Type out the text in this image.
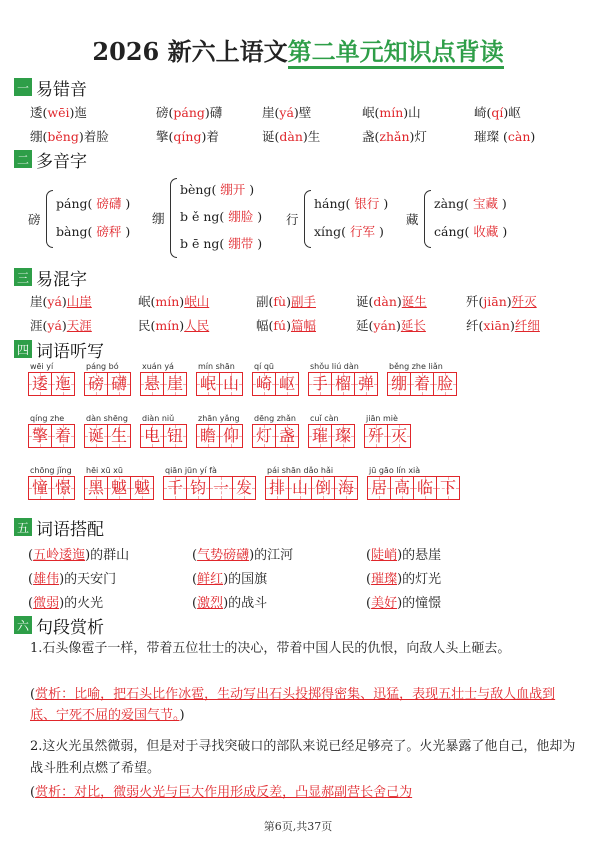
2026 新六上语文第二单元知识点背读
一 易错音
逶(wēi)迤	磅(páng)礴	崖(yá)壁	岷(mín)山	崎(qí)岖
绷(běng)着脸	擎(qíng)着	诞(dàn)生	盏(zhǎn)灯	璀璨 (càn)
二 多音字
磅
páng( 磅礴 )
bàng( 磅秤 )
绷
bèng( 绷开 )
b ě ng( 绷脸 )
b ē ng( 绷带 )
行
háng( 银行 )
xíng( 行军 )
藏
zàng( 宝藏 )
cáng( 收藏 )
三 易混字
崖(yá)山崖	岷(mín)岷山	副(fù)副手	诞(dàn)诞生	歼(jiān)歼灭
涯(yá)天涯	民(mín)人民	幅(fú)篇幅	延(yán)延长	纤(xiān)纤细
四 词语听写
wēi yí
逶 迤
páng bó
磅 礴
xuán yá
悬 崖
mín shān
岷 山
qí qū
崎 岖
shǒu liú dàn
手 榴 弹
běng zhe liǎn
绷 着 脸
qíng zhe
擎 着
dàn shēng
诞 生
diàn niǔ
电 钮
zhān yǎng
瞻 仰
dēng zhǎn
灯 盏
cuǐ càn
璀 璨
jiān miè
歼 灭
chōng jǐng
憧 憬
hēi xū xū
黑 魆 魆
qiān jūn yí fà
千 钧 一 发
pái shān dǎo hǎi
排 山 倒 海
jū gāo lín xià
居 高 临 下
五 词语搭配
(五岭逶迤)的群山	(气势磅礴)的江河	(陡峭)的悬崖
(雄伟)的天安门	(鲜红)的国旗	(璀璨)的灯光
(微弱)的火光	(激烈)的战斗	(美好)的憧憬
六 句段赏析
1.石头像雹子一样，带着五位壮士的决心，带着中国人民的仇恨，向敌人头上砸去。
(赏析：比喻，把石头比作冰雹，生动写出石头投掷得密集、迅猛，表现五壮士与敌人血战到底、宁死不屈的爱国气节。)
2.这火光虽然微弱，但是对于寻找突破口的部队来说已经足够亮了。火光暴露了他自己，他却为战斗胜利点燃了希望。
(赏析：对比，微弱火光与巨大作用形成反差，凸显郝副营长舍己为
第6页,共37页
